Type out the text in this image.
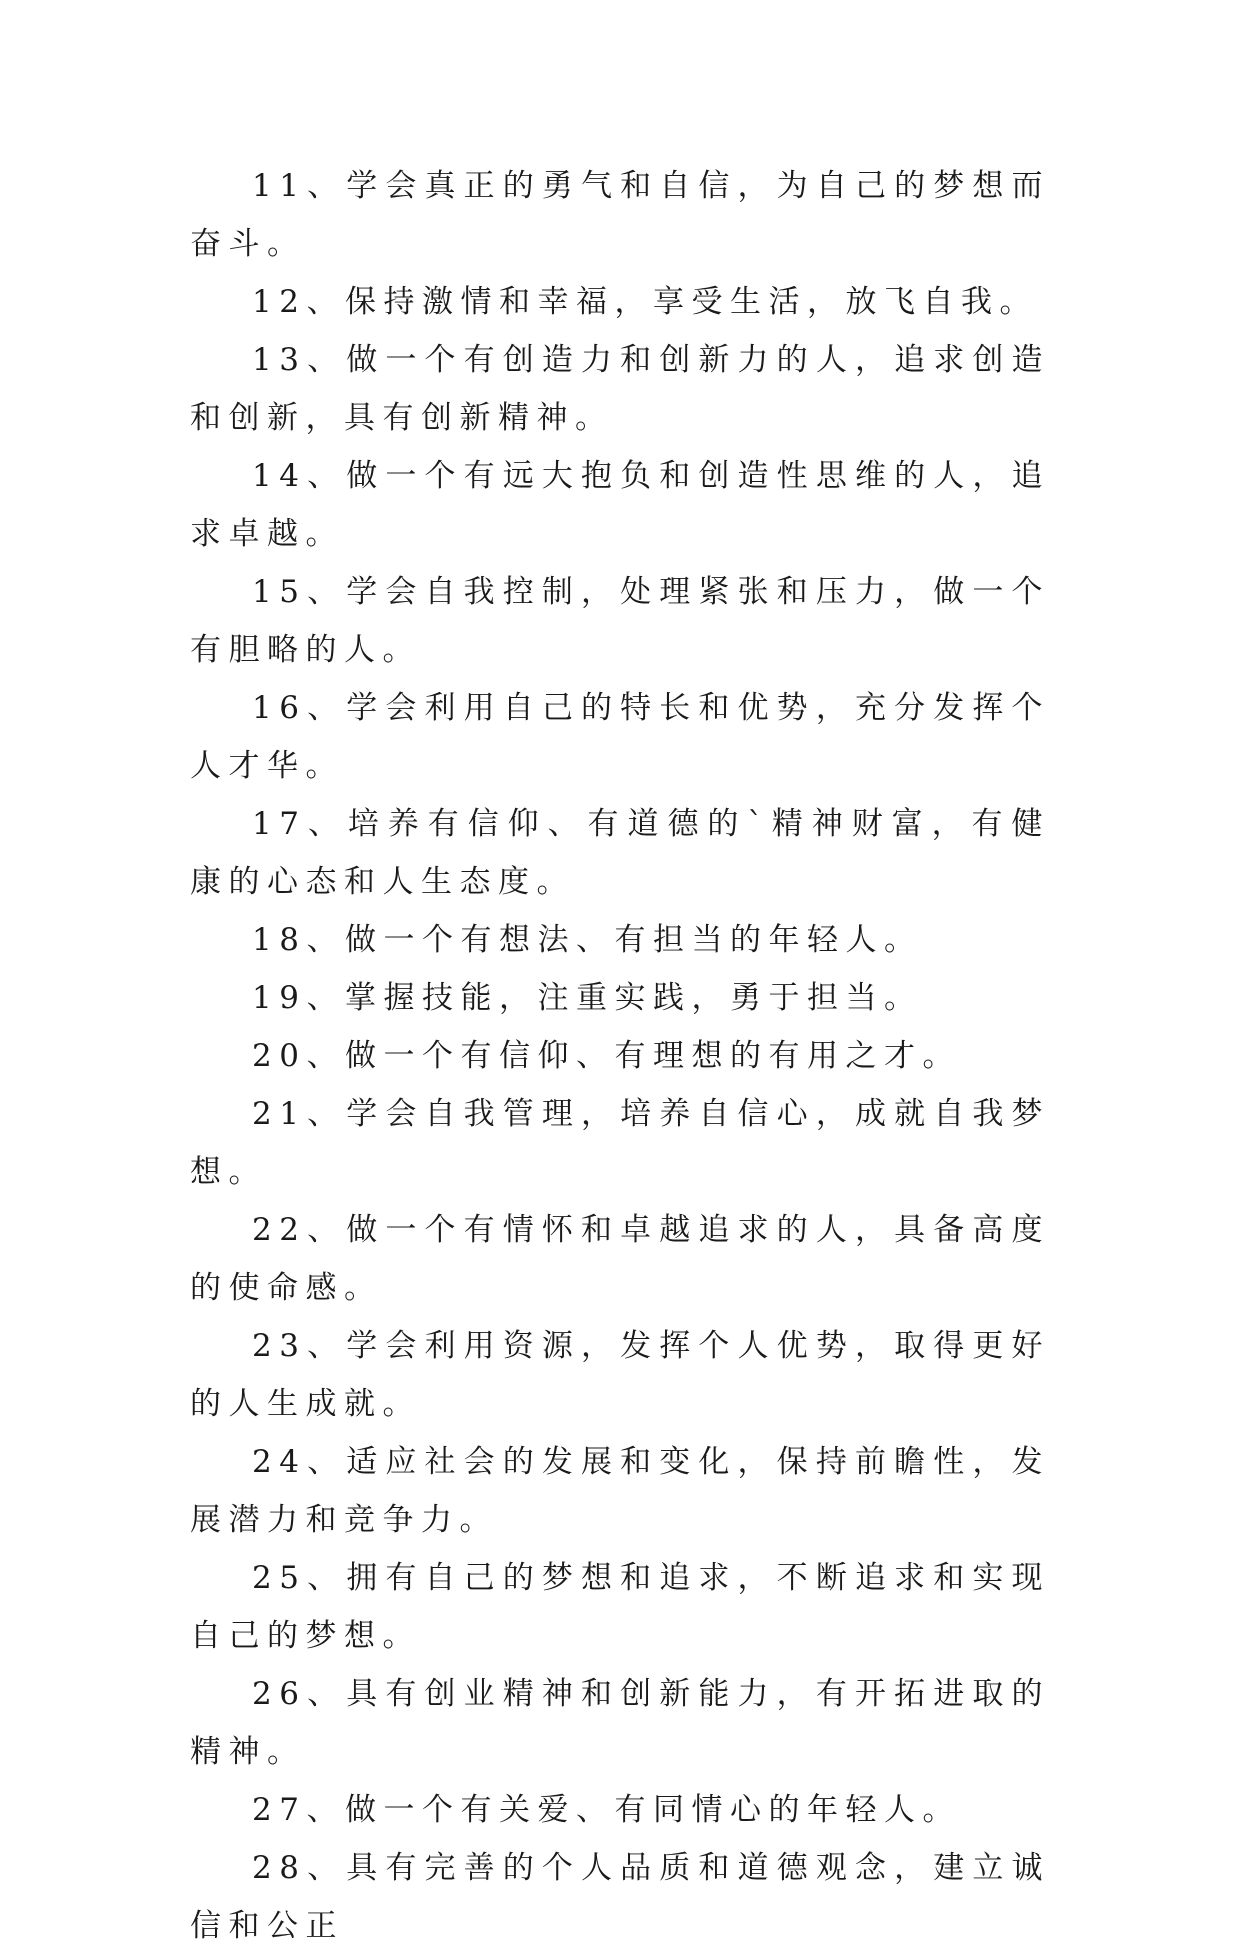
11、学会真正的勇气和自信，为自己的梦想而奋斗。

12、保持激情和幸福，享受生活，放飞自我。

13、做一个有创造力和创新力的人，追求创造和创新，具有创新精神。

14、做一个有远大抱负和创造性思维的人，追求卓越。

15、学会自我控制，处理紧张和压力，做一个有胆略的人。

16、学会利用自己的特长和优势，充分发挥个人才华。

17、培养有信仰、有道德的`精神财富，有健康的心态和人生态度。

18、做一个有想法、有担当的年轻人。

19、掌握技能，注重实践，勇于担当。

20、做一个有信仰、有理想的有用之才。

21、学会自我管理，培养自信心，成就自我梦想。

22、做一个有情怀和卓越追求的人，具备高度的使命感。

23、学会利用资源，发挥个人优势，取得更好的人生成就。

24、适应社会的发展和变化，保持前瞻性，发展潜力和竞争力。

25、拥有自己的梦想和追求，不断追求和实现自己的梦想。

26、具有创业精神和创新能力，有开拓进取的精神。

27、做一个有关爱、有同情心的年轻人。

28、具有完善的个人品质和道德观念，建立诚信和公正
